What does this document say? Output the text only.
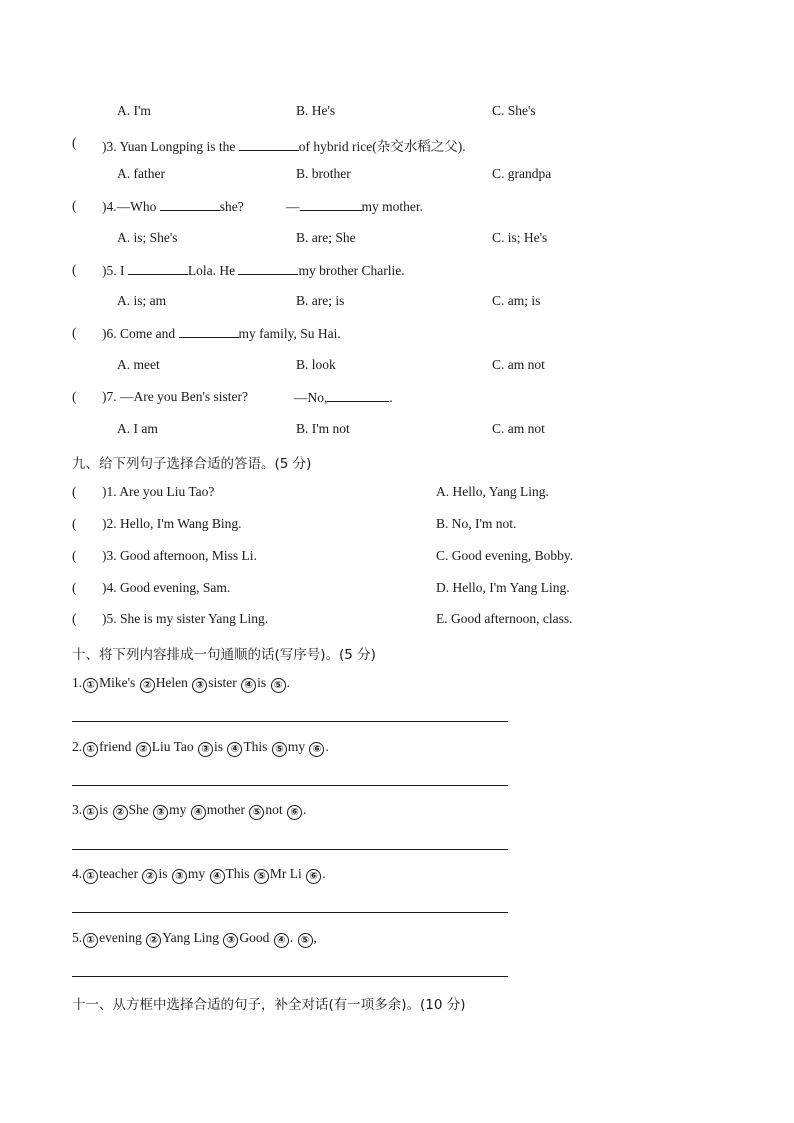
A. I'm	B. He's	C. She's
( )3. Yuan Longping is the	of hybrid rice(杂交水稻之父).
A. father	B. brother	C. grandpa
( )4.—Who	she?	—	my mother.
A. is; She's	B. are; She	C. is; He's
( )5. I	Lola. He	my brother Charlie.
A. is; am	B. are; is	C. am; is
( )6. Come and	my family, Su Hai.
A. meet	B. look	C. am not
( )7. —Are you Ben's sister?	—No,	.
A. I am	B. I'm not	C. am not
九、给下列句子选择合适的答语。(5 分)
( )1. Are you Liu Tao?	A. Hello, Yang Ling.
( )2. Hello, I'm Wang Bing.	B. No, I'm not.
( )3. Good afternoon, Miss Li.	C. Good evening, Bobby.
( )4. Good evening, Sam.	D. Hello, I'm Yang Ling.
( )5. She is my sister Yang Ling.	E. Good afternoon, class.
十、将下列内容排成一句通顺的话(写序号)。(5 分)
1. ① Mike's ② Helen ③ sister ④ is ⑤ .
2. ① friend ② Liu Tao ③ is ④ This ⑤ my ⑥ .
3. ① is ② She ③ my ④ mother ⑤ not ⑥ .
4. ① teacher ② is ③ my ④ This ⑤ Mr Li ⑥ .
5. ① evening ② Yang Ling ③ Good ④ . ⑤ ,
十一、从方框中选择合适的句子，补全对话(有一项多余)。(10 分)
